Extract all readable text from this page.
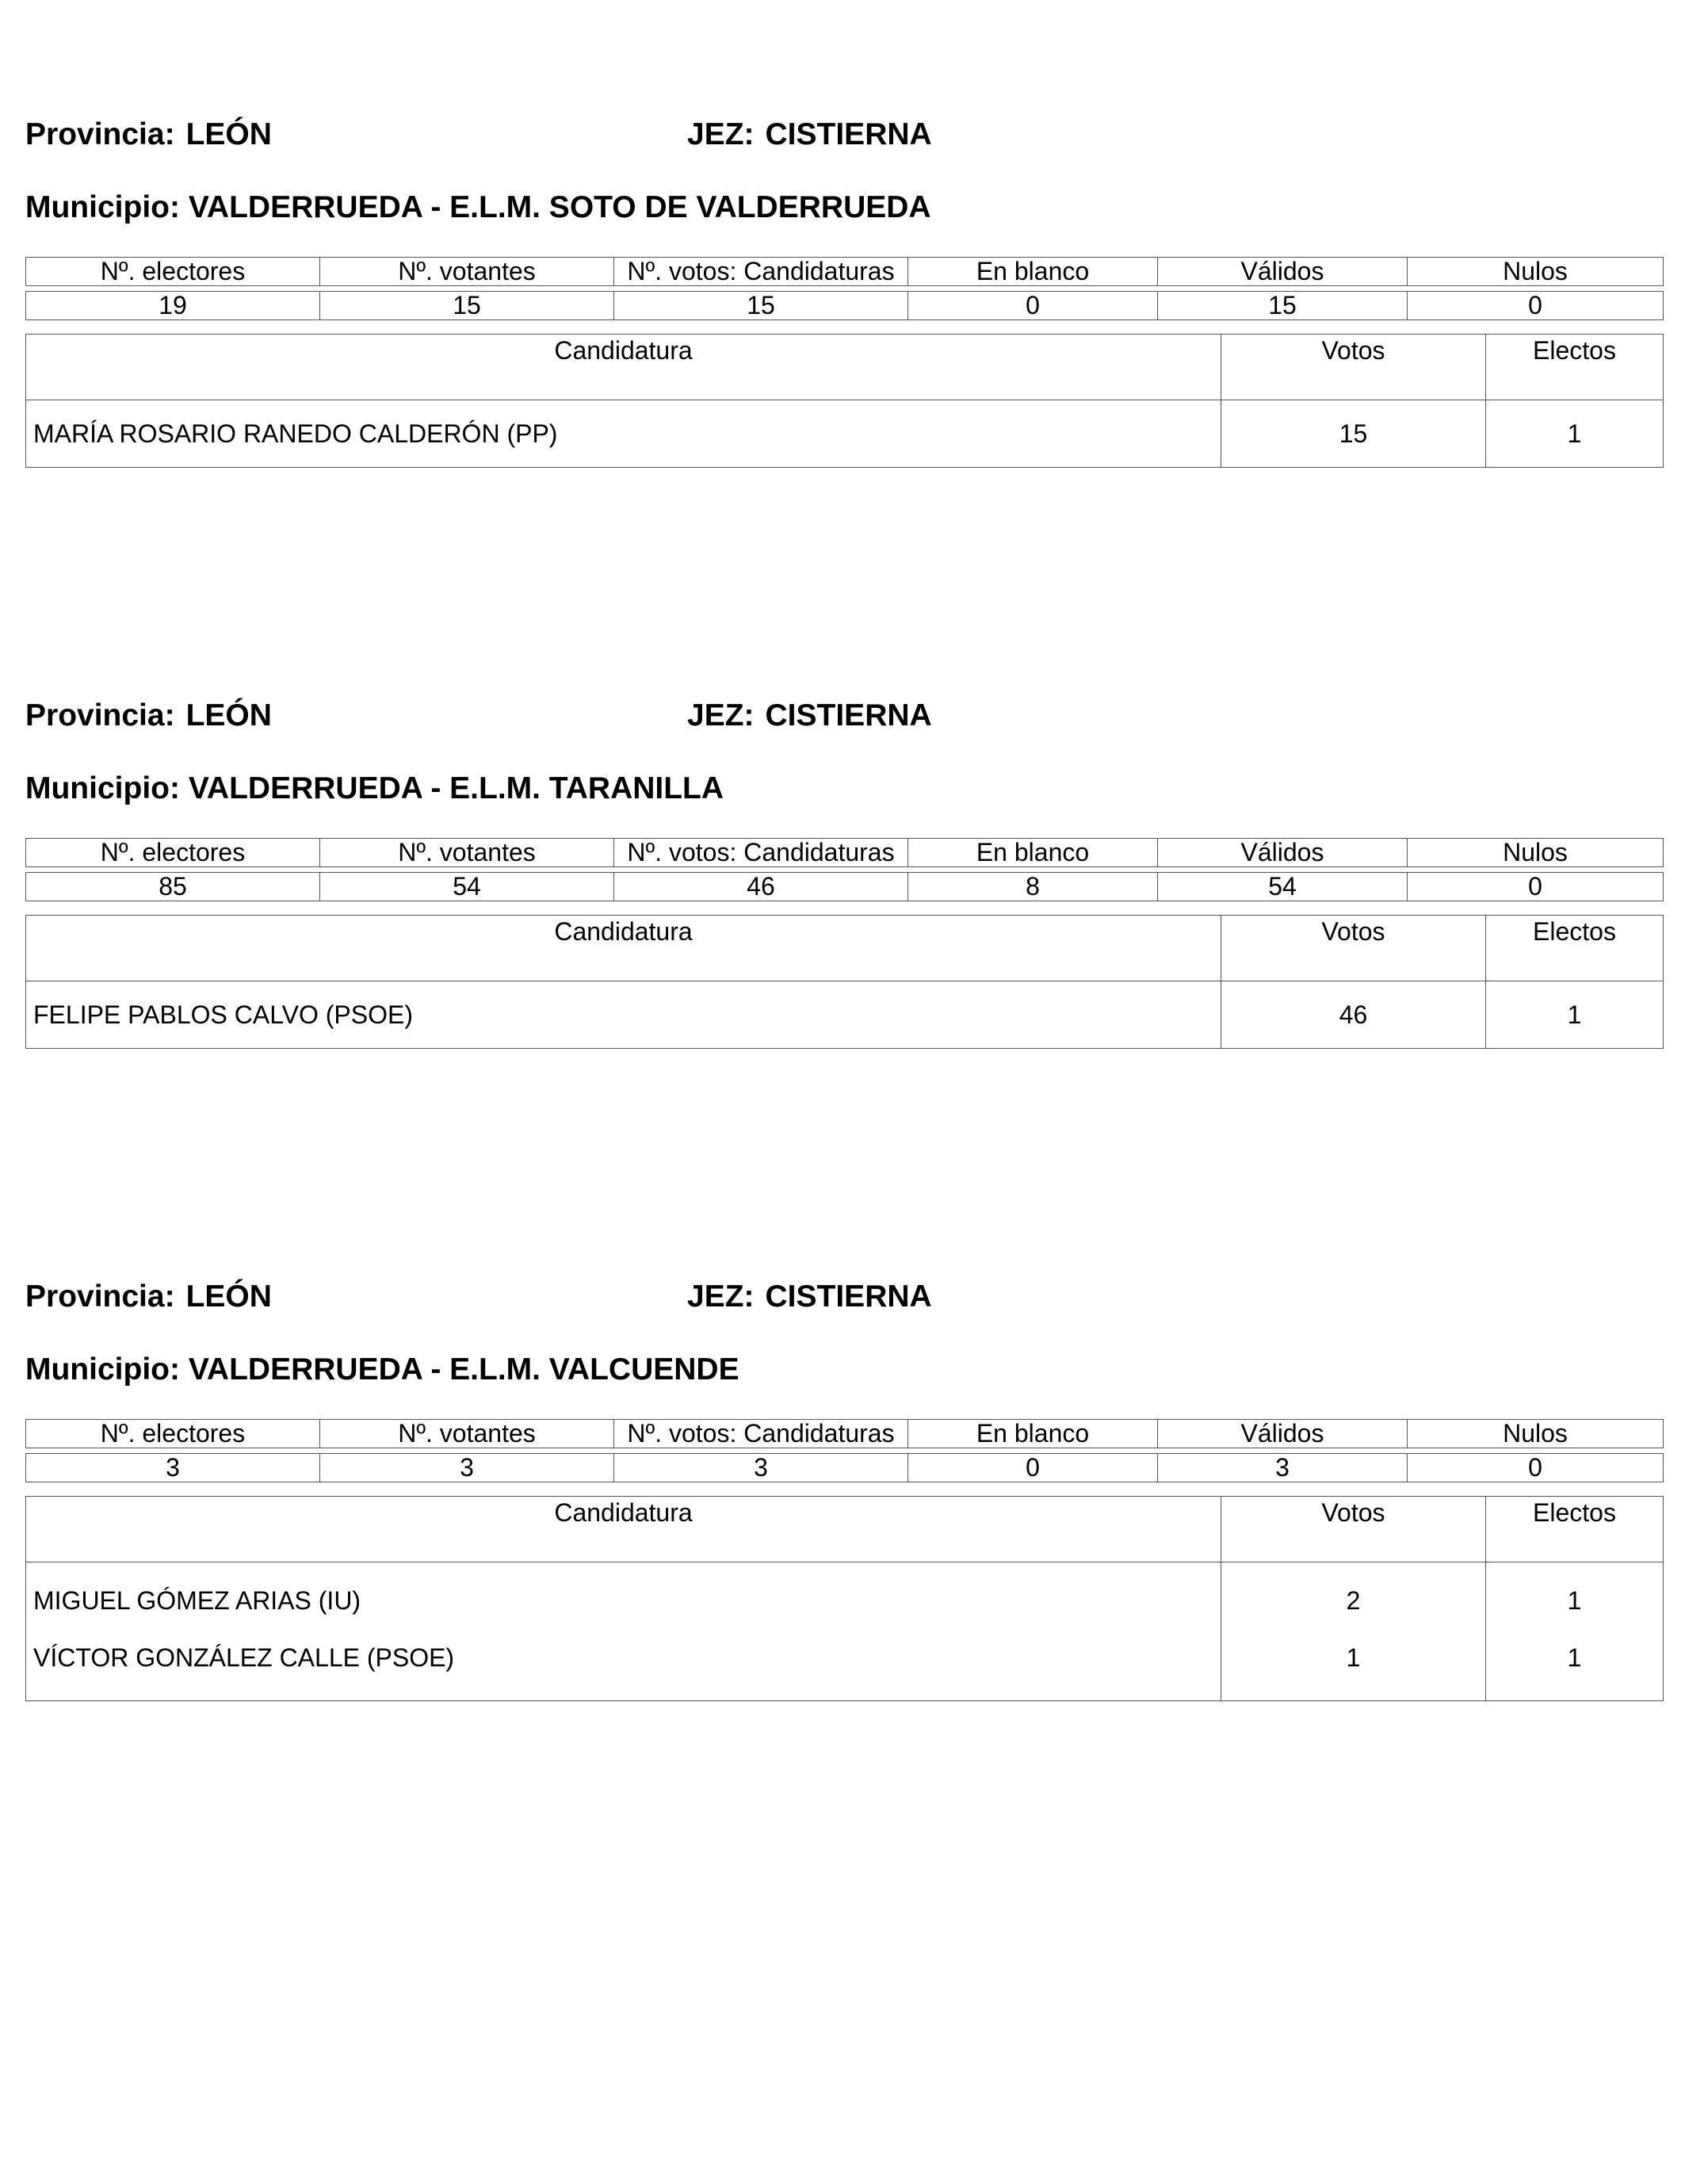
Provincia: LEÓN	JEZ: CISTIERNA
Municipio: VALDERRUEDA - E.L.M. SOTO DE VALDERRUEDA
Nº. electores	Nº. votantes	Nº. votos: Candidaturas	En blanco	Válidos	Nulos

19	15	15	0	15	0
Candidatura	Votos	Electos
MARÍA ROSARIO RANEDO CALDERÓN (PP)	15	1
Provincia: LEÓN	JEZ: CISTIERNA
Municipio: VALDERRUEDA - E.L.M. TARANILLA
Nº. electores	Nº. votantes	Nº. votos: Candidaturas	En blanco	Válidos	Nulos

85	54	46	8	54	0
Candidatura	Votos	Electos
FELIPE PABLOS CALVO (PSOE)	46	1
Provincia: LEÓN	JEZ: CISTIERNA
Municipio: VALDERRUEDA - E.L.M. VALCUENDE
Nº. electores	Nº. votantes	Nº. votos: Candidaturas	En blanco	Válidos	Nulos

3	3	3	0	3	0
Candidatura	Votos	Electos
MIGUEL GÓMEZ ARIAS (IU)	2	1
VÍCTOR GONZÁLEZ CALLE (PSOE)	1	1
